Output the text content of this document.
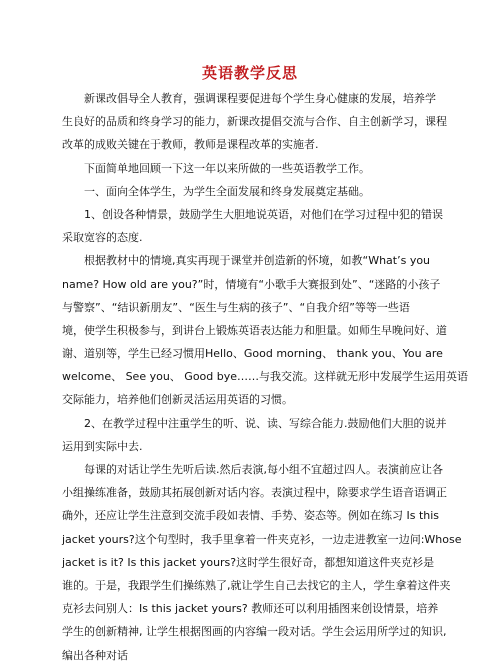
英语教学反思
新课改倡导全人教育，强调课程要促进每个学生身心健康的发展，培养学
生良好的品质和终身学习的能力，新课改提倡交流与合作、自主创新学习，课程
改革的成败关键在于教师，教师是课程改革的实施者.
下面简单地回顾一下这一年以来所做的一些英语教学工作。
一、面向全体学生，为学生全面发展和终身发展奠定基础。
1、创设各种情景，鼓励学生大胆地说英语，对他们在学习过程中犯的错误
采取宽容的态度.
根据教材中的情境,真实再现于课堂并创造新的怀境，如教“What’s you
name? How old are you?”时，情境有“小歌手大赛报到处”、“迷路的小孩子
与警察”、“结识新朋友”、“医生与生病的孩子”、“自我介绍”等等一些语
境，使学生积极参与，到讲台上锻炼英语表达能力和胆量。如师生早晚问好、道
谢、道别等，学生已经习惯用Hello、Good morning、 thank you、You are
welcome、 See you、 Good bye……与我交流。这样就无形中发展学生运用英语
交际能力，培养他们创新灵活运用英语的习惯。
2、在教学过程中注重学生的听、说、读、写综合能力.鼓励他们大胆的说并
运用到实际中去.
每课的对话让学生先听后读.然后表演,每小组不宜超过四人。表演前应让各
小组操练准备，鼓励其拓展创新对话内容。表演过程中，除要求学生语音语调正
确外，还应让学生注意到交流手段如表情、手势、姿态等。例如在练习 Is this
jacket yours?这个句型时，我手里拿着一件夹克衫，一边走进教室一边问:Whose
jacket is it? Is this jacket yours?这时学生很好奇，都想知道这件夹克衫是
谁的。于是，我跟学生们操练熟了,就让学生自己去找它的主人，学生拿着这件夹
克衫去问别人：Is this jacket yours? 教师还可以利用插图来创设情景，培养
学生的创新精神, 让学生根据图画的内容编一段对话。学生会运用所学过的知识,
编出各种对话
